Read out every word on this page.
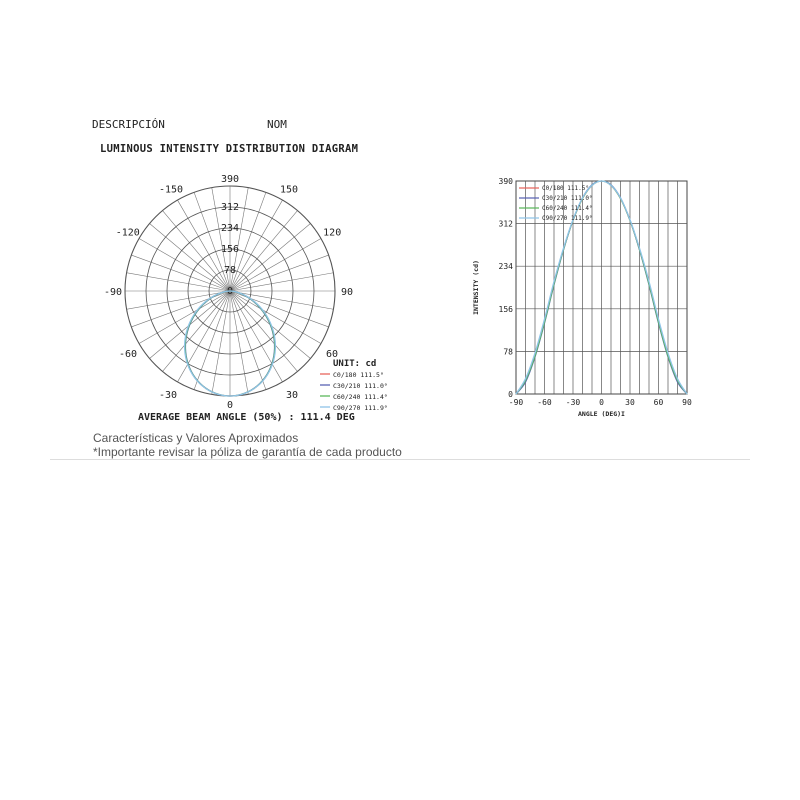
DESCRIPCIÓN	NOM
LUMINOUS INTENSITY DISTRIBUTION DIAGRAM
0
78
156
234
312
0
30
60
90
120
150
-30
-60
-90
-120
-150
390
UNIT: cd
C0/180 111.5°
C30/210 111.0°
C60/240 111.4°
C90/270 111.9°
-90 -60 -30 0	30 60 90
0
78
156
234
312
390
ANGLE (DEG)I
INTENSITY (cd)
C0/180 111.5°
C30/210 111.0°
C60/240 111.4°
C90/270 111.9°
AVERAGE BEAM ANGLE (50%) : 111.4 DEG
Características y Valores Aproximados
*Importante revisar la póliza de garantía de cada producto
